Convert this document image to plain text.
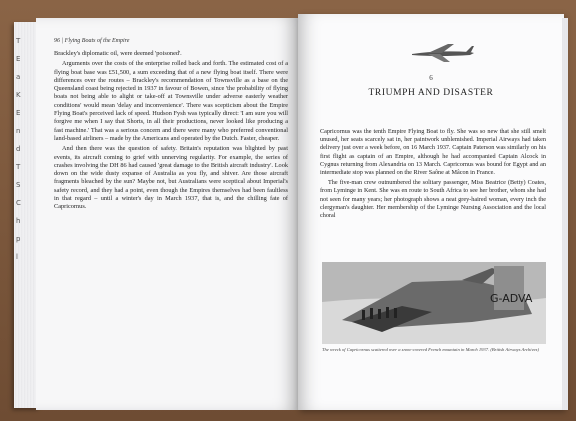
T
E
a
K
E
n
d
T
S
C
h
p
l
96 | Flying Boats of the Empire

Brackley's diplomatic oil, were deemed 'poisoned'.

Arguments over the costs of the enterprise rolled back and forth. The estimated cost of a flying boat base was £51,500, a sum exceeding that of a new flying boat itself. There were differences over the routes – Brackley's recommendation of Townsville as a base on the Queensland coast being rejected in 1937 in favour of Bowen, since 'the probability of flying boats not being able to alight or take-off at Townsville under adverse easterly weather conditions' would mean 'delay and inconvenience'. There was scepticism about the Empire Flying Boat's perceived lack of speed. Hudson Fysh was typically direct: 'I am sure you will forgive me when I say that Shorts, in all their productions, never looked like producing a fast machine.' That was a serious concern and there were many who preferred conventional land-based airliners – made by the Americans and operated by the Dutch. Faster, cheaper.

And then there was the question of safety. Britain's reputation was blighted by past events, its aircraft coming to grief with unnerving regularity. For example, the series of crashes involving the DH 86 had caused 'great damage to the British aircraft industry'. Look down on the wide dusty expanse of Australia as you fly, and shiver. Are those aircraft fragments bleached by the sun? Maybe not, but Australians were sceptical about Imperial's safety record, and they had a point, even though the Empires themselves had been faultless in that regard – until a winter's day in March 1937, that is, and the chilling fate of Capricornus.

6
TRIUMPH AND DISASTER

Capricornus was the tenth Empire Flying Boat to fly. She was so new that she still smelt unused, her seats scarcely sat in, her paintwork unblemished. Imperial Airways had taken delivery just over a week before, on 16 March 1937. Captain Paterson was similarly on his first flight as captain of an Empire, although he had accompanied Captain Alcock in Cygnus returning from Alexandria on 13 March. Capricornus was bound for Egypt and an intermediate stop was planned on the River Saône at Mâcon in France.

The five-man crew outnumbered the solitary passenger, Miss Beatrice (Betty) Coates, from Lyminge in Kent. She was en route to South Africa to see her brother, whom she had not seen for many years; her photograph shows a neat grey-haired woman, every inch the clergyman's daughter. Her membership of the Lyminge Nursing Association and the local choral

G-ADVA
The wreck of Capricornus scattered over a snow-covered French mountain in March 1937. (British Airways Archives)
